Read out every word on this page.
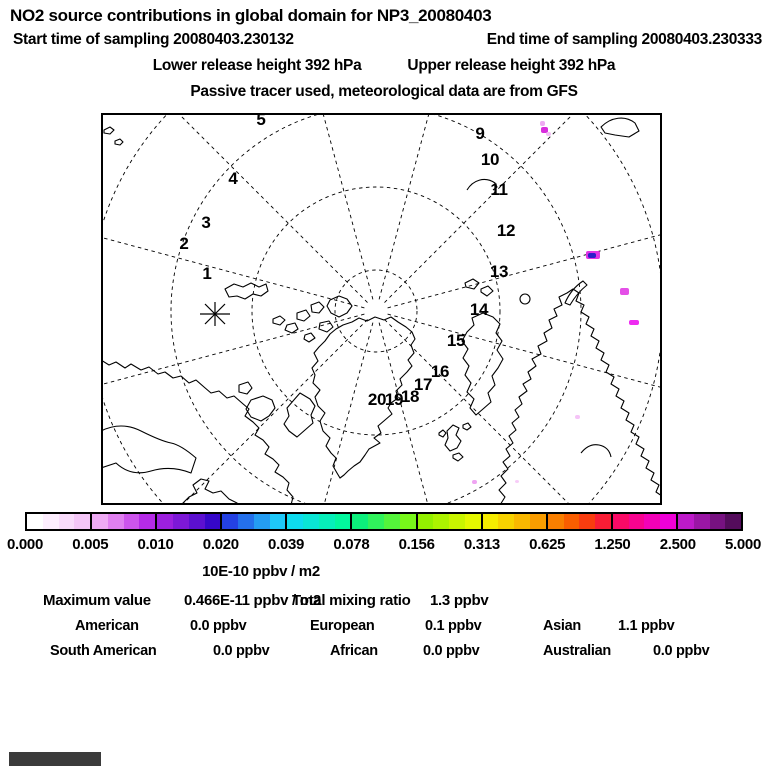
NO2 source contributions in global domain for NP3_20080403
Start time of sampling 20080403.230132	End time of sampling 20080403.230333
Lower release height 392 hPa	Upper release height 392 hPa
Passive tracer used, meteorological data are from GFS
1
2
3
4
5
9
10
11
12
13
14
15
16
17
18
19
20
0.000 0.005 0.010 0.020 0.039 0.078 0.156 0.313 0.625 1.250 2.500 5.000
10E-10 ppbv / m2
Maximum value 0.466E-11 ppbv / m2
Total mixing ratio 1.3 ppbv
American	0.0 ppbv	European	0.1 ppbv	Asian	1.1 ppbv
South American	0.0 ppbv	African	0.0 ppbv	Australian	0.0 ppbv
